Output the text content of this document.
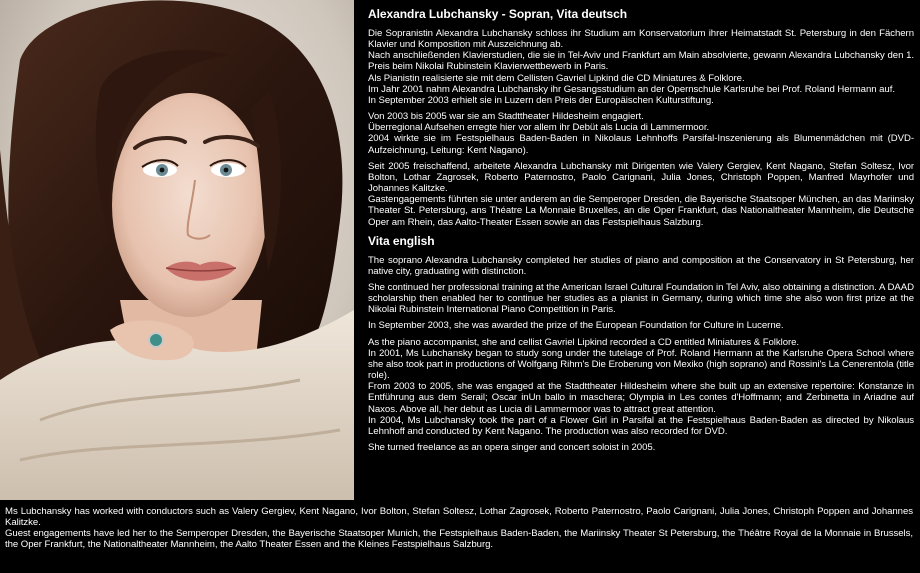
Alexandra Lubchansky - Sopran, Vita deutsch

Die Sopranistin Alexandra Lubchansky schloss ihr Studium am Konservatorium ihrer Heimatstadt St. Petersburg in den Fächern Klavier und Komposition mit Auszeichnung ab.
Nach anschließenden Klavierstudien, die sie in Tel-Aviv und Frankfurt am Main absolvierte, gewann Alexandra Lubchansky den 1. Preis beim Nikolai Rubinstein Klavierwettbewerb in Paris.
Als Pianistin realisierte sie mit dem Cellisten Gavriel Lipkind die CD Miniatures & Folklore.
Im Jahr 2001 nahm Alexandra Lubchansky ihr Gesangsstudium an der Opernschule Karlsruhe bei Prof. Roland Hermann auf.
In September 2003 erhielt sie in Luzern den Preis der Europäischen Kulturstiftung.

Von 2003 bis 2005 war sie am Stadttheater Hildesheim engagiert.
Überregional Aufsehen erregte hier vor allem ihr Debüt als Lucia di Lammermoor.
2004 wirkte sie im Festspielhaus Baden-Baden in Nikolaus Lehnhoffs Parsifal-Inszenierung als Blumenmädchen mit (DVD-Aufzeichnung, Leitung: Kent Nagano).

Seit 2005 freischaffend, arbeitete Alexandra Lubchansky mit Dirigenten wie Valery Gergiev, Kent Nagano, Stefan Soltesz, Ivor Bolton, Lothar Zagrosek, Roberto Paternostro, Paolo Carignani, Julia Jones, Christoph Poppen, Manfred Mayrhofer und Johannes Kalitzke.
Gastengagements führten sie unter anderem an die Semperoper Dresden, die Bayerische Staatsoper München, an das Mariinsky Theater St. Petersburg, ans Théatre La Monnaie Bruxelles, an die Oper Frankfurt, das Nationaltheater Mannheim, die Deutsche Oper am Rhein, das Aalto-Theater Essen sowie an das Festspielhaus Salzburg.

Vita english

The soprano Alexandra Lubchansky completed her studies of piano and composition at the Conservatory in St Petersburg, her native city, graduating with distinction.

She continued her professional training at the American Israel Cultural Foundation in Tel Aviv, also obtaining a distinction. A DAAD scholarship then enabled her to continue her studies as a pianist in Germany, during which time she also won first prize at the Nikolai Rubinstein International Piano Competition in Paris.

In September 2003, she was awarded the prize of the European Foundation for Culture in Lucerne.

As the piano accompanist, she and cellist Gavriel Lipkind recorded a CD entitled Miniatures & Folklore.
In 2001, Ms Lubchansky began to study song under the tutelage of Prof. Roland Hermann at the Karlsruhe Opera School where she also took part in productions of Wolfgang Rihm's Die Eroberung von Mexiko (high soprano) and Rossini's La Cenerentola (title role).
From 2003 to 2005, she was engaged at the Stadttheater Hildesheim where she built up an extensive repertoire: Konstanze in Entführung aus dem Serail; Oscar inUn ballo in maschera; Olympia in Les contes d'Hoffmann; and Zerbinetta in Ariadne auf Naxos. Above all, her debut as Lucia di Lammermoor was to attract great attention.
In 2004, Ms Lubchansky took the part of a Flower Girl in Parsifal at the Festspielhaus Baden-Baden as directed by Nikolaus Lehnhoff and conducted by Kent Nagano. The production was also recorded for DVD.

She turned freelance as an opera singer and concert soloist in 2005.

Ms Lubchansky has worked with conductors such as Valery Gergiev, Kent Nagano, Ivor Bolton, Stefan Soltesz, Lothar Zagrosek, Roberto Paternostro, Paolo Carignani, Julia Jones, Christoph Poppen and Johannes Kalitzke.
Guest engagements have led her to the Semperoper Dresden, the Bayerische Staatsoper Munich, the Festspielhaus Baden-Baden, the Mariinsky Theater St Petersburg, the Théâtre Royal de la Monnaie in Brussels, the Oper Frankfurt, the Nationaltheater Mannheim, the Aalto Theater Essen and the Kleines Festspielhaus Salzburg.
